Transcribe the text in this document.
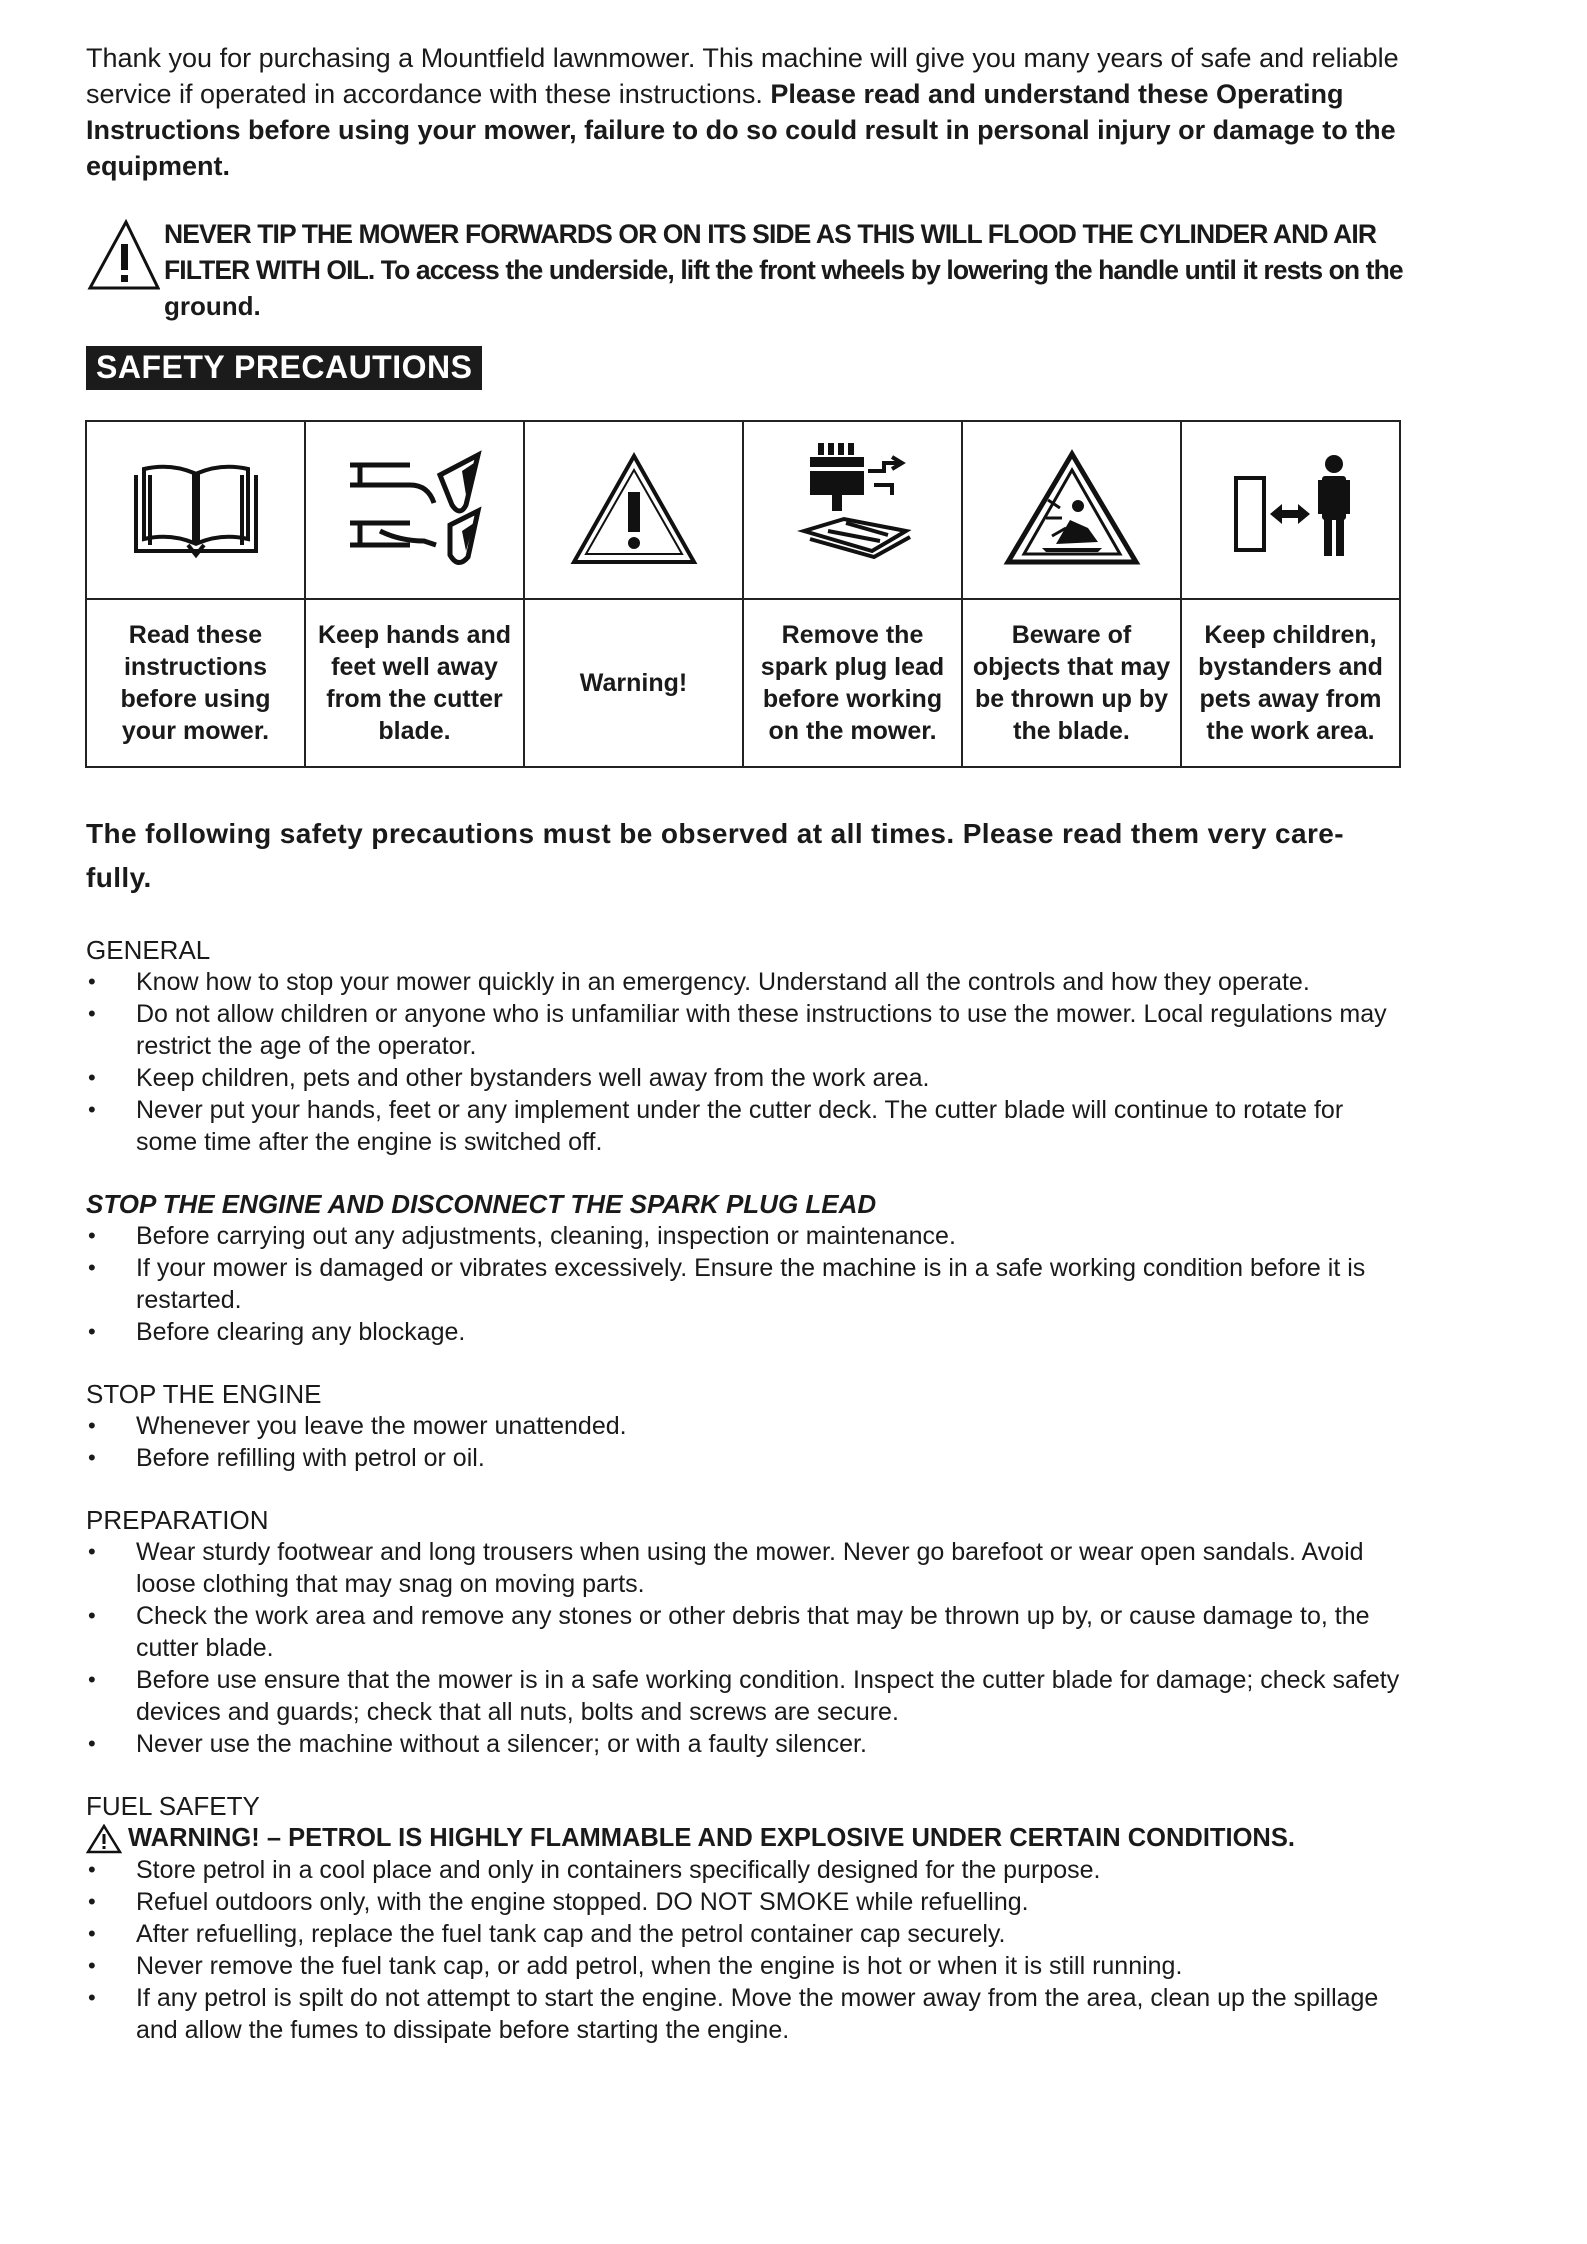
Thank you for purchasing a Mountfield lawnmower. This machine will give you many years of safe and reliable service if operated in accordance with these instructions. Please read and understand these Operating Instructions before using your mower, failure to do so could result in personal injury or damage to the equipment.

NEVER TIP THE MOWER FORWARDS OR ON ITS SIDE AS THIS WILL FLOOD THE CYLINDER AND AIR
FILTER WITH OIL. To access the underside, lift the front wheels by lowering the handle until it rests on the
ground.
SAFETY PRECAUTIONS

Read these instructions before using your mower.	Keep hands and feet well away from the cutter blade.	Warning!	Remove the spark plug lead before working on the mower.	Beware of objects that may be thrown up by the blade.	Keep children, bystanders and pets away from the work area.
The following safety precautions must be observed at all times. Please read them very care-fully.
GENERAL
• Know how to stop your mower quickly in an emergency. Understand all the controls and how they operate.
• Do not allow children or anyone who is unfamiliar with these instructions to use the mower. Local regulations may restrict the age of the operator.
• Keep children, pets and other bystanders well away from the work area.
• Never put your hands, feet or any implement under the cutter deck. The cutter blade will continue to rotate for some time after the engine is switched off.
STOP THE ENGINE AND DISCONNECT THE SPARK PLUG LEAD
• Before carrying out any adjustments, cleaning, inspection or maintenance.
• If your mower is damaged or vibrates excessively. Ensure the machine is in a safe working condition before it is restarted.
• Before clearing any blockage.
STOP THE ENGINE
• Whenever you leave the mower unattended.
• Before refilling with petrol or oil.
PREPARATION
• Wear sturdy footwear and long trousers when using the mower. Never go barefoot or wear open sandals. Avoid loose clothing that may snag on moving parts.
• Check the work area and remove any stones or other debris that may be thrown up by, or cause damage to, the cutter blade.
• Before use ensure that the mower is in a safe working condition. Inspect the cutter blade for damage; check safety devices and guards; check that all nuts, bolts and screws are secure.
• Never use the machine without a silencer; or with a faulty silencer.
FUEL SAFETY
WARNING! – PETROL IS HIGHLY FLAMMABLE AND EXPLOSIVE UNDER CERTAIN CONDITIONS.
• Store petrol in a cool place and only in containers specifically designed for the purpose.
• Refuel outdoors only, with the engine stopped. DO NOT SMOKE while refuelling.
• After refuelling, replace the fuel tank cap and the petrol container cap securely.
• Never remove the fuel tank cap, or add petrol, when the engine is hot or when it is still running.
• If any petrol is spilt do not attempt to start the engine. Move the mower away from the area, clean up the spillage and allow the fumes to dissipate before starting the engine.
